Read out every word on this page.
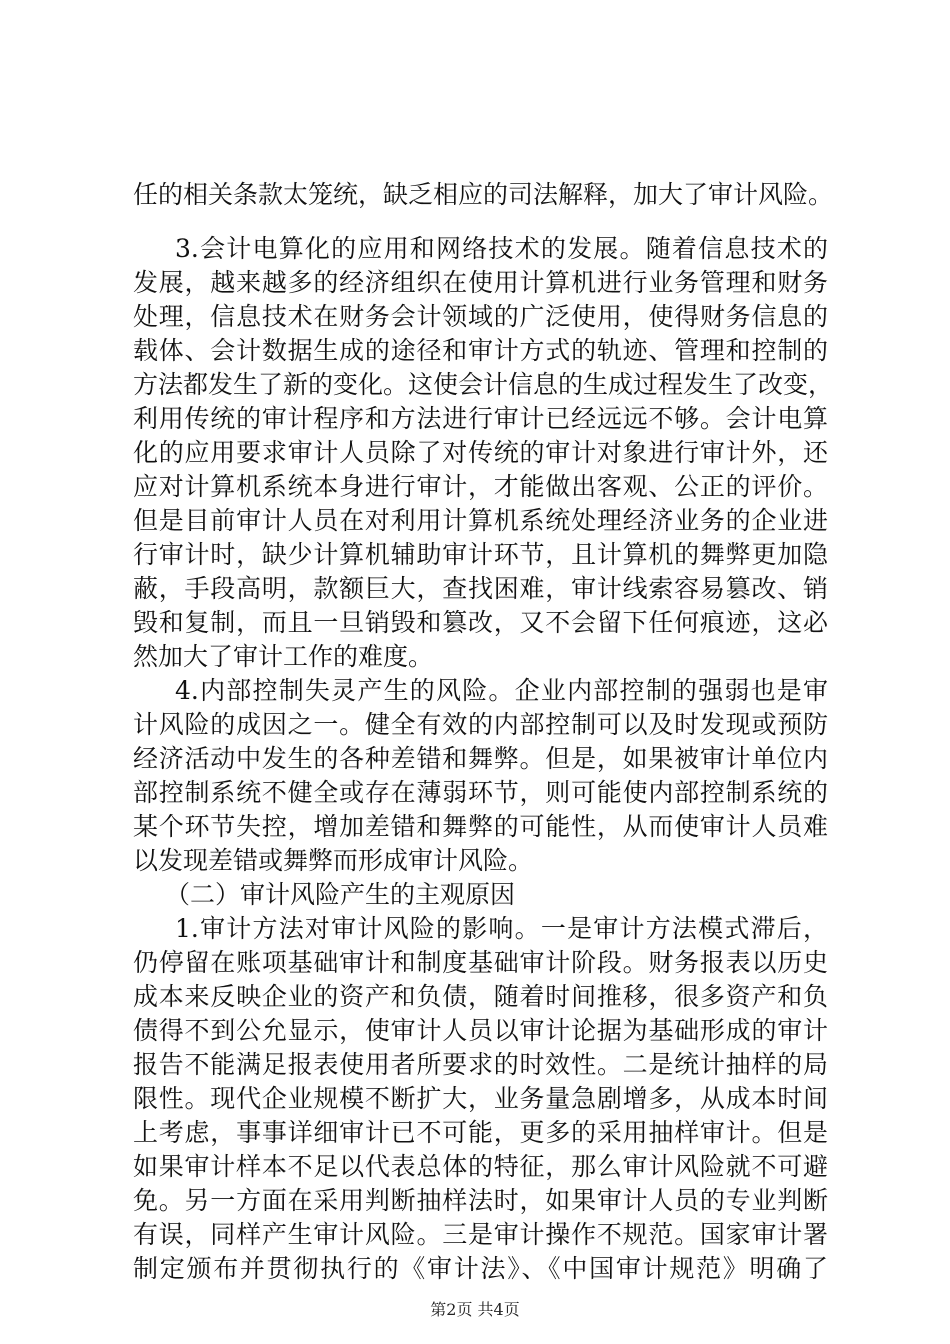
任的相关条款太笼统，缺乏相应的司法解释，加大了审计风险。
3.会计电算化的应用和网络技术的发展。随着信息技术的
发展，越来越多的经济组织在使用计算机进行业务管理和财务
处理，信息技术在财务会计领域的广泛使用，使得财务信息的
载体、会计数据生成的途径和审计方式的轨迹、管理和控制的
方法都发生了新的变化。这使会计信息的生成过程发生了改变，
利用传统的审计程序和方法进行审计已经远远不够。会计电算
化的应用要求审计人员除了对传统的审计对象进行审计外，还
应对计算机系统本身进行审计，才能做出客观、公正的评价。
但是目前审计人员在对利用计算机系统处理经济业务的企业进
行审计时，缺少计算机辅助审计环节，且计算机的舞弊更加隐
蔽，手段高明，款额巨大，查找困难，审计线索容易篡改、销
毁和复制，而且一旦销毁和篡改，又不会留下任何痕迹，这必
然加大了审计工作的难度。
4.内部控制失灵产生的风险。企业内部控制的强弱也是审
计风险的成因之一。健全有效的内部控制可以及时发现或预防
经济活动中发生的各种差错和舞弊。但是，如果被审计单位内
部控制系统不健全或存在薄弱环节，则可能使内部控制系统的
某个环节失控，增加差错和舞弊的可能性，从而使审计人员难
以发现差错或舞弊而形成审计风险。
（二）审计风险产生的主观原因
1.审计方法对审计风险的影响。一是审计方法模式滞后，
仍停留在账项基础审计和制度基础审计阶段。财务报表以历史
成本来反映企业的资产和负债，随着时间推移，很多资产和负
债得不到公允显示，使审计人员以审计论据为基础形成的审计
报告不能满足报表使用者所要求的时效性。二是统计抽样的局
限性。现代企业规模不断扩大，业务量急剧增多，从成本时间
上考虑，事事详细审计已不可能，更多的采用抽样审计。但是
如果审计样本不足以代表总体的特征，那么审计风险就不可避
免。另一方面在采用判断抽样法时，如果审计人员的专业判断
有误，同样产生审计风险。三是审计操作不规范。国家审计署
制定颁布并贯彻执行的《审计法》、《中国审计规范》明确了
第2页 共4页
